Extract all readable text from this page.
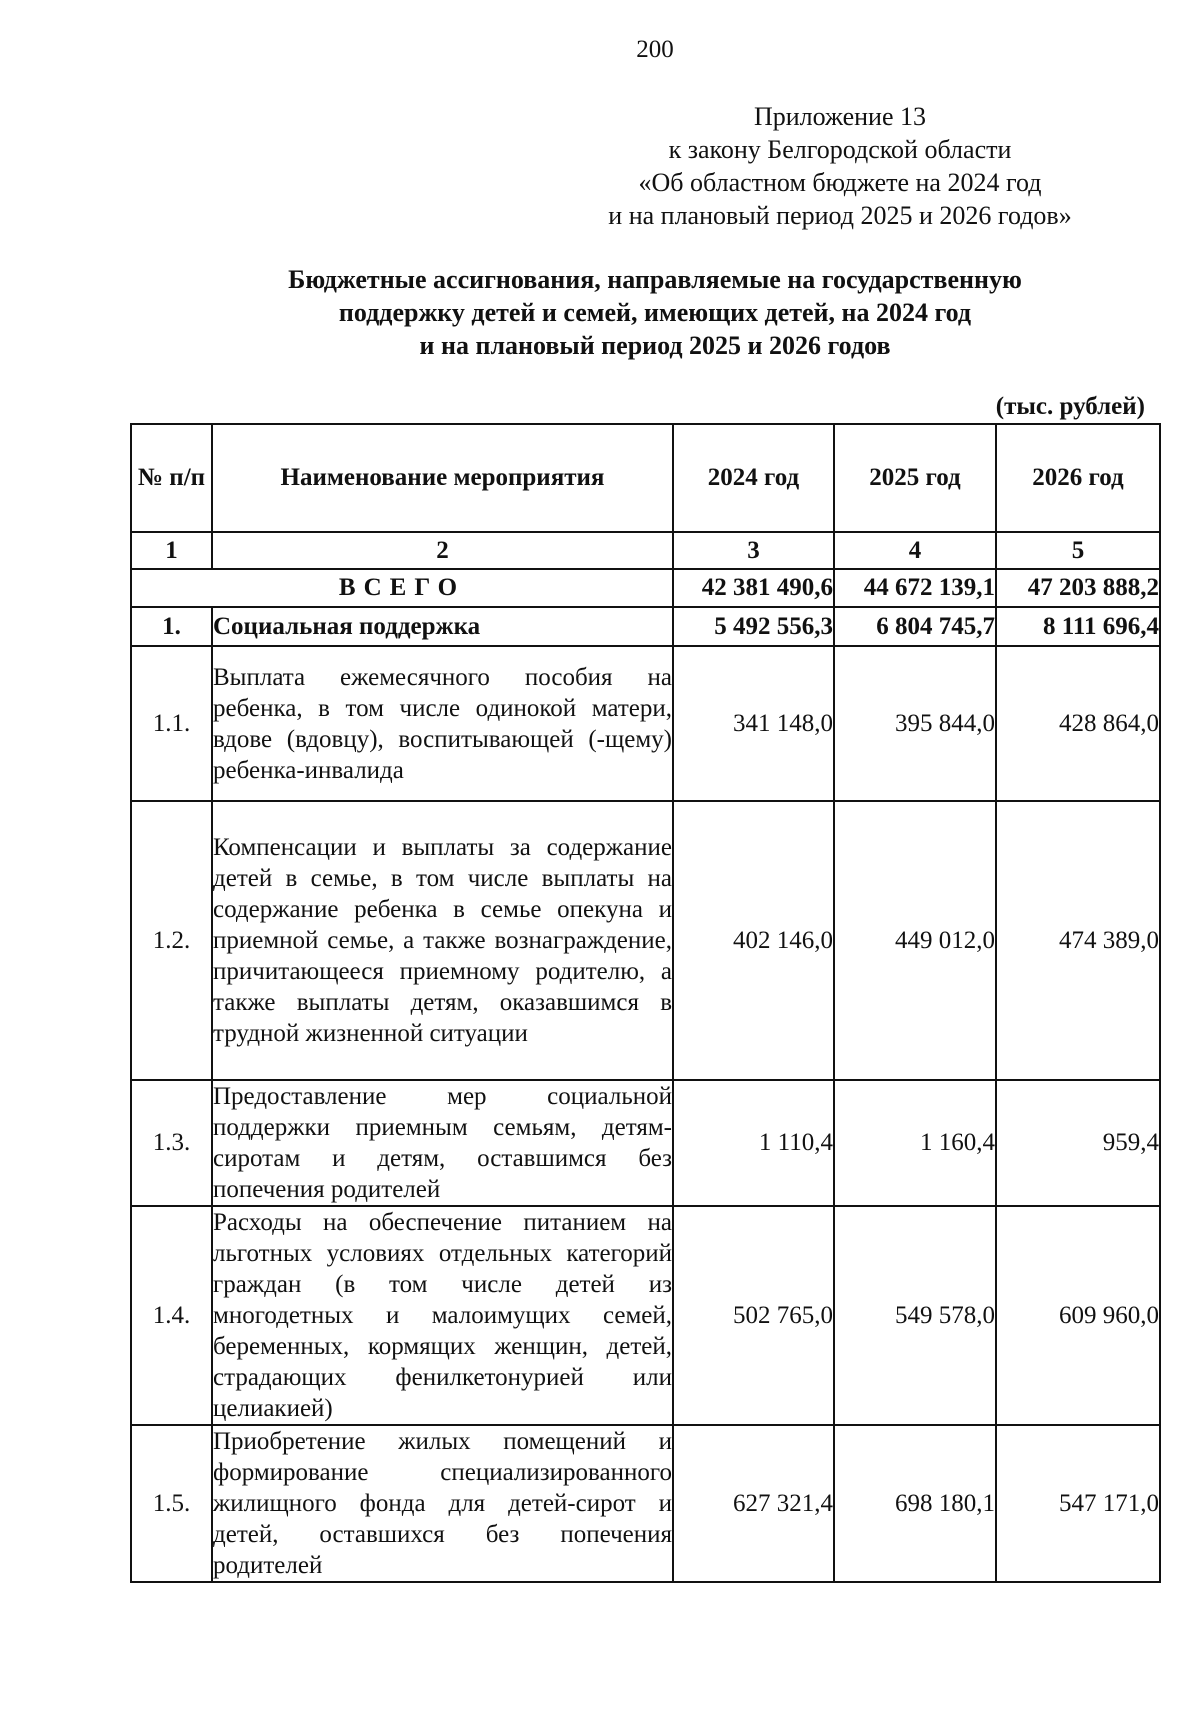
200
Приложение 13
к закону Белгородской области
«Об областном бюджете на 2024 год
и на плановый период 2025 и 2026 годов»
Бюджетные ассигнования, направляемые на государственную
поддержку детей и семей, имеющих детей, на 2024 год
и на плановый период 2025 и 2026 годов
(тыс. рублей)
№ п/п	Наименование мероприятия	2024 год	2025 год	2026 год
1	2	3	4	5
ВСЕГО		42 381 490,6	44 672 139,1	47 203 888,2
1.	Социальная поддержка	5 492 556,3	6 804 745,7	8 111 696,4
1.1.	Выплата ежемесячного пособия на ребенка, в том числе одинокой матери, вдове (вдовцу), воспитывающей (-щему) ребенка-инвалида	341 148,0	395 844,0	428 864,0
1.2.	Компенсации и выплаты за содержание детей в семье, в том числе выплаты на содержание ребенка в семье опекуна и приемной семье, а также вознаграждение, причитающееся приемному родителю, а также выплаты детям, оказавшимся в трудной жизненной ситуации	402 146,0	449 012,0	474 389,0
1.3.	Предоставление мер социальной поддержки приемным семьям, детям-сиротам и детям, оставшимся без попечения родителей	1 110,4	1 160,4	959,4
1.4.	Расходы на обеспечение питанием на льготных условиях отдельных категорий граждан (в том числе детей из многодетных и малоимущих семей, беременных, кормящих женщин, детей, страдающих фенилкетонурией или целиакией)	502 765,0	549 578,0	609 960,0
1.5.	Приобретение жилых помещений и формирование специализированного жилищного фонда для детей-сирот и детей, оставшихся без попечения родителей	627 321,4	698 180,1	547 171,0
